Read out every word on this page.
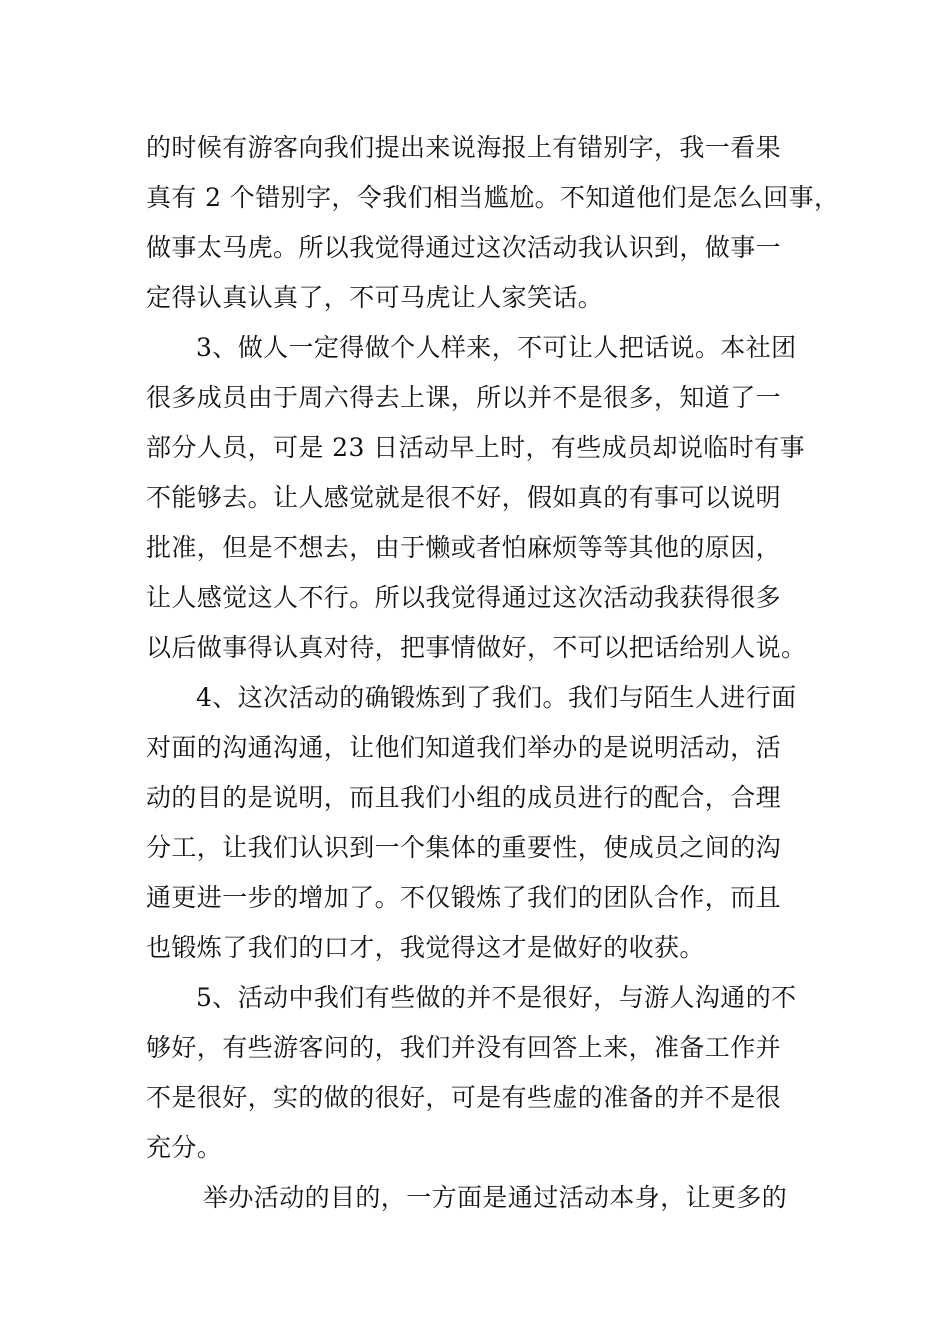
的时候有游客向我们提出来说海报上有错别字，我一看果
真有 2 个错别字，令我们相当尴尬。不知道他们是怎么回事，
做事太马虎。所以我觉得通过这次活动我认识到，做事一
定得认真认真了，不可马虎让人家笑话。
3、做人一定得做个人样来，不可让人把话说。本社团
很多成员由于周六得去上课，所以并不是很多，知道了一
部分人员，可是 23 日活动早上时，有些成员却说临时有事
不能够去。让人感觉就是很不好，假如真的有事可以说明
批准，但是不想去，由于懒或者怕麻烦等等其他的原因，
让人感觉这人不行。所以我觉得通过这次活动我获得很多
以后做事得认真对待，把事情做好，不可以把话给别人说。
4、这次活动的确锻炼到了我们。我们与陌生人进行面
对面的沟通沟通，让他们知道我们举办的是说明活动，活
动的目的是说明，而且我们小组的成员进行的配合，合理
分工，让我们认识到一个集体的重要性，使成员之间的沟
通更进一步的增加了。不仅锻炼了我们的团队合作，而且
也锻炼了我们的口才，我觉得这才是做好的收获。
5、活动中我们有些做的并不是很好，与游人沟通的不
够好，有些游客问的，我们并没有回答上来，准备工作并
不是很好，实的做的很好，可是有些虚的准备的并不是很
充分。
举办活动的目的，一方面是通过活动本身，让更多的
